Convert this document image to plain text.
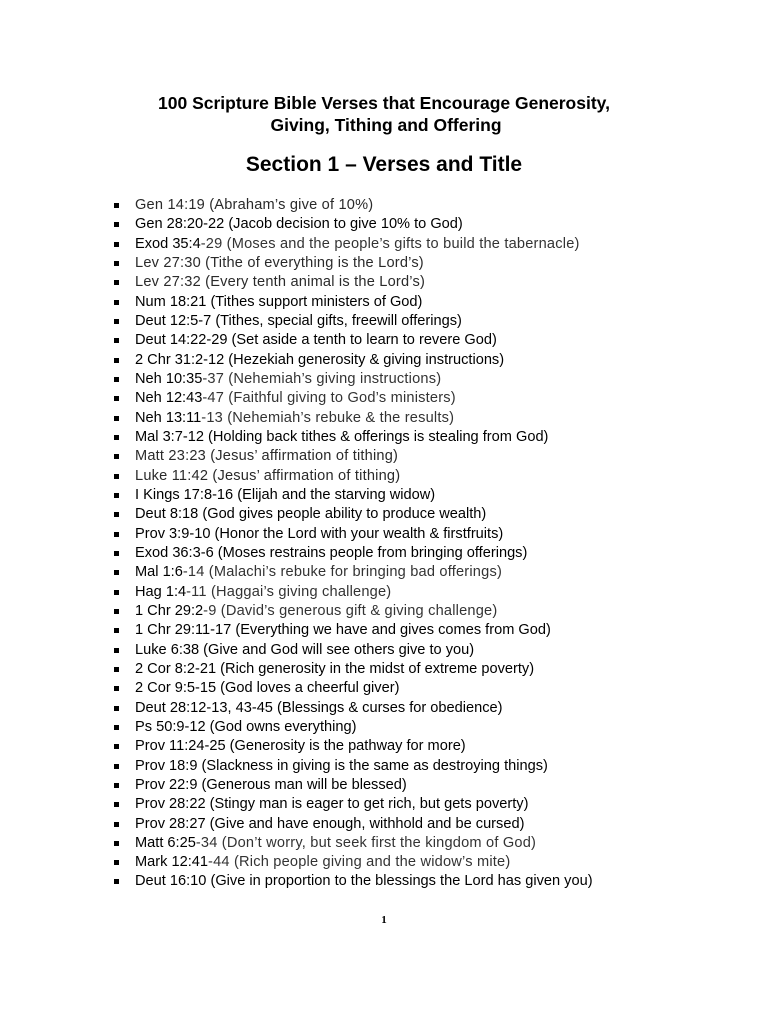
100 Scripture Bible Verses that Encourage Generosity,
Giving, Tithing and Offering
Section 1 – Verses and Title
Gen 14:19 (Abraham’s give of 10%)
Gen 28:20-22 (Jacob decision to give 10% to God)
Exod 35:4-29 (Moses and the people’s gifts to build the tabernacle)
Lev 27:30 (Tithe of everything is the Lord’s)
Lev 27:32 (Every tenth animal is the Lord’s)
Num 18:21 (Tithes support ministers of God)
Deut 12:5-7 (Tithes, special gifts, freewill offerings)
Deut 14:22-29 (Set aside a tenth to learn to revere God)
2 Chr 31:2-12 (Hezekiah generosity & giving instructions)
Neh 10:35-37 (Nehemiah’s giving instructions)
Neh 12:43-47 (Faithful giving to God’s ministers)
Neh 13:11-13 (Nehemiah’s rebuke & the results)
Mal 3:7-12 (Holding back tithes & offerings is stealing from God)
Matt 23:23 (Jesus’ affirmation of tithing)
Luke 11:42 (Jesus’ affirmation of tithing)
I Kings 17:8-16 (Elijah and the starving widow)
Deut 8:18 (God gives people ability to produce wealth)
Prov 3:9-10 (Honor the Lord with your wealth & firstfruits)
Exod 36:3-6 (Moses restrains people from bringing offerings)
Mal 1:6-14 (Malachi’s rebuke for bringing bad offerings)
Hag 1:4-11 (Haggai’s giving challenge)
1 Chr 29:2-9 (David’s generous gift & giving challenge)
1 Chr 29:11-17 (Everything we have and gives comes from God)
Luke 6:38 (Give and God will see others give to you)
2 Cor 8:2-21 (Rich generosity in the midst of extreme poverty)
2 Cor 9:5-15 (God loves a cheerful giver)
Deut 28:12-13, 43-45 (Blessings & curses for obedience)
Ps 50:9-12 (God owns everything)
Prov 11:24-25 (Generosity is the pathway for more)
Prov 18:9 (Slackness in giving is the same as destroying things)
Prov 22:9 (Generous man will be blessed)
Prov 28:22 (Stingy man is eager to get rich, but gets poverty)
Prov 28:27 (Give and have enough, withhold and be cursed)
Matt 6:25-34 (Don’t worry, but seek first the kingdom of God)
Mark 12:41-44 (Rich people giving and the widow’s mite)
Deut 16:10 (Give in proportion to the blessings the Lord has given you)
1
